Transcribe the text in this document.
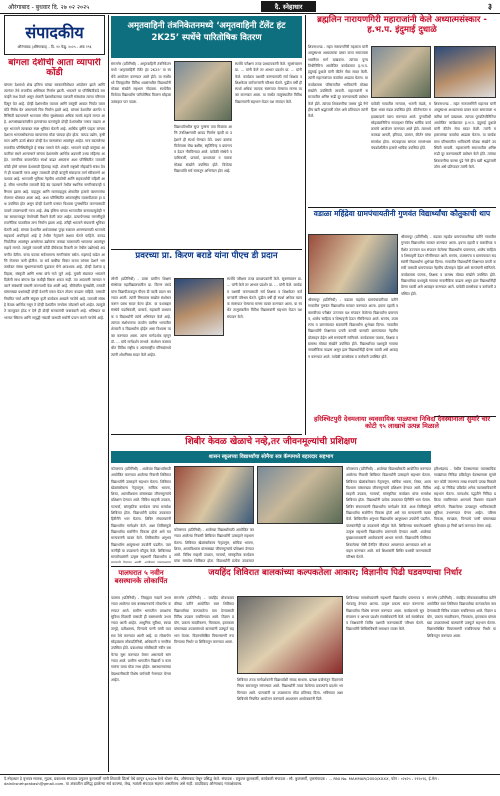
औरंगाबाद - बुधवार दि. २७ ०२ २०२५	दै. स्नेहाधार	३
संपादकीय
औरंगाबाद (औरंगाबाद) - दि. १२ फेब्रु. २०२५ - अंक १९६
बांगला देशीची आता व्यापारी कोंडी
बांगला देशमध्ये शेख हसिना यांच्या सरकारविरोधात आंदोलन झाले आणि त्यानंतर तेथे राजकीय अस्थिरता निर्माण झाली. भारताने या परिस्थितीकडे बारकाईने लक्ष ठेवले असून शेजारी देशासोबतच्या व्यापारी संबंधांवर त्याचा परिणाम दिसून येत आहे. दोन्ही देशांमधील व्यापार आणि वस्तूंची आयात निर्यात यावर मोठे निर्बंध येत असल्याचे चित्र निर्माण झाले आहे. बांगला देशातील अंतर्गत परिस्थिती बदलल्याने भारताला सीमा सुरक्षेबाबत अधिक सतर्क राहावे लागत आहे. अल्पसंख्याकांवरील हल्ल्यांच्या घटनांमुळे दोन्ही देशांमधील तणाव वाढला असून भारताने त्याबाबत स्पष्ट भूमिका घेतली आहे. आर्थिक दृष्टीने पाहता बांगला देशाला भारतासोबतच्या व्यापाराचा मोठा फायदा होत होता. कापड उद्योग, कृषी माल आणि ऊर्जा क्षेत्रात दोन्ही देश परस्परांवर अवलंबून आहेत. मात्र बदललेल्या राजकीय परिस्थितीमुळे हे संबंध ताणले गेले आहेत. भारताने काही वस्तूंच्या आयातीवर बंधने आणल्याने बांगला देशासमोर आर्थिक अडचणी उभ्या राहिल्या आहेत. जागतिक बाजारपेठेत स्पर्धा वाढत असताना अशा परिस्थितीत व्यापारी कोंडी होणे बांगला देशासाठी हितावह नाही. शेजारी राष्ट्रांशी सौहार्दाचे संबंध ठेवणे ही काळाची गरज असून त्यासाठी दोन्ही बाजूंनी संवादाचा मार्ग स्वीकारणे आवश्यक आहे. भारताची भूमिका नेहमीच शांततेची आणि सहकार्याची राहिली आहे. सीमा भागातील व्यापारी केंद्रे बंद पडल्याने तेथील स्थानिक नागरिकांवरही परिणाम झाला आहे. वाहतूक आणि मालवाहतूक क्षेत्रातील हजारो कामगारांचा रोजगार धोक्यात आला आहे. अशा परिस्थितीत आंतरराष्ट्रीय व्यासपीठावर हा प्रश्न उपस्थित होत असून दोन्ही देशांनी परस्पर विश्वास पुनर्स्थापित करण्यासाठी पावले उचलण्याची गरज आहे. शेख हसिना यांच्या भारतातील वास्तव्यामुळेही नव्या सरकारकडून वेगवेगळी विधाने केली जात आहेत. प्रत्यार्पणाच्या मागणीमुळे राजनैतिक पातळीवर ताण निर्माण झाला आहे. तरीही भारताने संयमाची भूमिका घेतली आहे. बांगला देशातील अर्थव्यवस्था पुन्हा रुळावर आणण्यासाठी भारताचे सहकार्य अपरिहार्य आहे हे तेथील नेतृत्वाने लक्षात घेतले पाहिजे. कापड निर्यातीवर अवलंबून असलेल्या उद्योगांना कच्च्या मालासाठी भारतावर अवलंबून राहावे लागते. त्यामुळे व्यापारी कोंडी दीर्घकाळ टिकली तर तेथील उद्योगधंदे अडचणीत येतील. याचा फटका सर्वसामान्य नागरिकांना बसेल. महागाई वाढेल आणि रोजगार कमी होतील. या सर्व बाबींचा विचार करता बांगला देशाने भारतासोबत संबंध सुधारण्यासाठी पुढाकार घेणे आवश्यक आहे. दोन्ही देशांचा इतिहास, संस्कृती आणि भाषा यांचे नाते जुने आहे. मुक्ती संग्रामात भारताने दिलेली साथ बांगला देश कधीही विसरू शकत नाही. त्या आठवणी जागवत नव्याने संबंधांची बांधणी करण्याची वेळ आली आहे. सीमेवरील घुसखोरी, तस्करी यांसारख्या प्रश्नांवरही दोन्ही देशांनी एकत्र येऊन तोडगा काढला पाहिजे. यासाठी नियमित चर्चा आणि संयुक्त कृती कार्यक्रम आखणे गरजेचे आहे. व्यापारी संबंध हे केवळ आर्थिक नसून ते दोन्ही देशांतील जनतेला जोडणारे धागे आहेत. त्यामुळे ते कमकुवत होऊ न देणे ही दोन्ही सरकारांची जबाबदारी आहे. भविष्यात या भागात स्थिरता आणि समृद्धी नांदावी यासाठी सर्वांनी प्रयत्न करणे गरजेचे आहे.
अमृतवाहिनी तंत्रनिकेतनमध्ये ‘अमृतवाहिनी टॅलेंट हंट 2K25’ स्पर्धेचे पारितोषिक वितरण
संगमनेर (प्रतिनिधी) - अमृतवाहिनी तंत्रनिकेतन मध्ये ‘अमृतवाहिनी टॅलेंट हंट 2K25’ या स्पर्धेचे आयोजन करण्यात आले होते. या स्पर्धेमध्ये जिल्ह्यातील विविध शाळांमधील विद्यार्थ्यांनी मोठ्या संख्येने सहभाग नोंदवला. स्पर्धेतील विजेत्या विद्यार्थ्यांना पारितोषिक वितरण सोहळा उत्साहात पार पडला.
विद्यार्थ्यांमधील सुप्त गुणांना वाव मिळावा आणि तंत्रशिक्षणाची आवड निर्माण व्हावी या उद्देशाने ही स्पर्धा घेण्यात येते. प्रथम क्रमांक विजेत्यास रोख बक्षीस, स्मृतिचिन्ह व प्रमाणपत्र देऊन गौरविण्यात आले. यावेळी संस्थेचे पदाधिकारी, प्राचार्य, प्राध्यापक व पालक मोठ्या संख्येने उपस्थित होते. विजेत्या विद्यार्थ्यांचे सर्व स्तरातून अभिनंदन होत आहे.
स्पर्धेचे परीक्षण तज्ज्ञ प्राध्यापकांनी केले. सूत्रसंचालन प्रा. ... यांनी केले तर आभार प्रदर्शन प्रा. ... यांनी केले. कार्यक्रम यशस्वी करण्यासाठी सर्व शिक्षक व शिक्षकेतर कर्मचाऱ्यांनी परिश्रम घेतले. पुढील वर्षी ही स्पर्धा अधिक व्यापक स्वरूपात घेण्याचा मानस व्यक्त करण्यात आला. या स्पर्धेत तालुक्यातील विविध विद्यालयांनी सहभाग घेऊन यश संपादन केले.
प्रवरच्या प्रा. किरण बराडे यांना पीएच डी प्रदान
लोणी (प्रतिनिधी) - प्रवरा ग्रामीण शिक्षण संस्थेच्या महाविद्यालयातील प्रा. किरण बराडे यांना विद्यापीठाकडून पीएच डी पदवी प्रदान करण्यात आली. त्यांनी विषयावर सखोल संशोधन करून प्रबंध सादर केला होता. या यशाबद्दल संस्थेचे पदाधिकारी, प्राचार्य, सहकारी प्राध्यापक व विद्यार्थ्यांनी त्यांचे अभिनंदन केले आहे. त्यांच्या संशोधनाचा उपयोग ग्रामीण भागातील शेतकरी व विद्यार्थ्यांना होईल असा विश्वास व्यक्त करण्यात आला. त्यांना मार्गदर्शक म्हणून डॉ. ... यांचे मार्गदर्शन लाभले. संशोधन कालावधीत विविध राष्ट्रीय व आंतरराष्ट्रीय परिषदांमध्ये त्यांनी शोधनिबंध सादर केले आहेत.
स्पर्धेचे परीक्षण तज्ज्ञ प्राध्यापकांनी केले. सूत्रसंचालन प्रा. ... यांनी केले तर आभार प्रदर्शन प्रा. ... यांनी केले. कार्यक्रम यशस्वी करण्यासाठी सर्व शिक्षक व शिक्षकेतर कर्मचाऱ्यांनी परिश्रम घेतले. पुढील वर्षी ही स्पर्धा अधिक व्यापक स्वरूपात घेण्याचा मानस व्यक्त करण्यात आला. या स्पर्धेत तालुक्यातील विविध विद्यालयांनी सहभाग घेऊन यश संपादन केले.
शिबीर केवळ खेळाचे नव्हे,तर जीवनमूल्यांची प्रशिक्षण
शासन स्कूलच्या विद्यार्थ्यांचा सोमैया सत्र कॅम्पमध्ये बहारदार सहभाग
कोपरगाव (प्रतिनिधी) - शाळेच्या विद्यार्थ्यांसाठी आयोजित करण्यात आलेल्या निवासी शिबिरात विद्यार्थ्यांनी उत्साहाने सहभाग घेतला. शिबिरात खेळांबरोबरच नेतृत्वगुण, सांघिक भावना, शिस्त, आत्मविश्वास यांसारख्या जीवनमूल्यांचे प्रशिक्षण देण्यात आले. विविध साहसी उपक्रम, गटचर्चा, सांस्कृतिक कार्यक्रम यांचा समावेश शिबिरात होता. विद्यार्थ्यांनी प्रत्येक उपक्रमात हिरीरीने भाग घेतला. शिबिर संचालकांनी विद्यार्थ्यांना मार्गदर्शन केले. अशा शिबिरांमुळे विद्यार्थ्यांचा सर्वांगीण विकास होतो असे मत मान्यवरांनी व्यक्त केले. शिबिरातील अनुभव विद्यार्थ्यांना आयुष्यभर उपयोगी पडतील. पालकांनीही या उपक्रमाचे कौतुक केले. शिबिराच्या समारोपप्रसंगी उत्कृष्ट सहभागी विद्यार्थ्यांना प्र
कोपरगाव (प्रतिनिधी) - शाळेच्या विद्यार्थ्यांसाठी आयोजित करण्यात आलेल्या निवासी शिबिरात विद्यार्थ्यांनी उत्साहाने सहभाग घेतला. शिबिरात खेळांबरोबरच नेतृत्वगुण, सांघिक भावना, शिस्त, आत्मविश्वास यांसारख्या जीवनमूल्यांचे प्रशिक्षण देण्यात आले. विविध साहसी उपक्रम, गटचर्चा, सांस्कृतिक कार्यक्रम यांचा समावेश शिबिरात होता. विद्यार्थ्यांनी प्रत्येक उपक्रमात
कोपरगाव (प्रतिनिधी) - शाळेच्या विद्यार्थ्यांसाठी आयोजित करण्यात आलेल्या निवासी शिबिरात विद्यार्थ्यांनी उत्साहाने सहभाग घेतला. शिबिरात खेळांबरोबरच नेतृत्वगुण, सांघिक भावना, शिस्त, आत्मविश्वास यांसारख्या जीवनमूल्यांचे प्रशिक्षण देण्यात आले. विविध साहसी उपक्रम, गटचर्चा, सांस्कृतिक कार्यक्रम यांचा समावेश शिबिरात होता. विद्यार्थ्यांनी प्रत्येक उपक्रमात हिरीरीने भाग घेतला. शिबिर संचालकांनी विद्यार्थ्यांना मार्गदर्शन केले. अशा शिबिरांमुळे विद्यार्थ्यांचा सर्वांगीण विकास होतो असे मत मान्यवरांनी व्यक्त केले. शिबिरातील अनुभव विद्यार्थ्यांना आयुष्यभर उपयोगी पडतील. पालकांनीही या उपक्रमाचे कौतुक केले. शिबिराच्या समारोपप्रसंगी उत्कृष्ट सहभागी विद्यार्थ्यांना प्रमाणपत्रे देण्यात आली. शाळेच्या मुख्याध्यापकांनी आयोजकांचे आभार मानले. विद्यार्थ्यांनी शिबिरात शिकलेल्या गोष्टी दैनंदिन जीवनात आचरणात आणाव्यात असे आवाहन करण्यात आले. सर्व शिक्षकांनी शिबिर यशस्वी करण्यासाठी परिश्रम घेतले.
पालघरात ५ नवीन बसस्थानके लोकार्पित
पालघर (प्रतिनिधी) - जिल्ह्यात नव्याने उभारण्यात आलेल्या पाच बसस्थानकांचे लोकार्पण करण्यात आले. ग्रामीण भागातील प्रवाशांना सुविधा मिळावी यासाठी ही बसस्थानके उभारण्यात आली आहेत. आधुनिक सुविधा, स्वच्छतागृहे, प्रतीक्षालय, पिण्याचे पाणी यांची व्यवस्था येथे करण्यात आली आहे. या लोकार्पण सोहळ्यास लोकप्रतिनिधी, अधिकारी व नागरिक उपस्थित होते. प्रवाशांच्या सोयीसाठी नवीन बसफेऱ्या सुरू करण्यात येणार असल्याचे सांगण्यात आले. ग्रामीण भागातील विद्यार्थी व कामगारांना याचा मोठा लाभ होईल. बसस्थानकांच्या देखभालीसाठी विशेष कर्मचारी नेमण्यात येणार आहेत.
जयहिंद शिविरात बालकांच्या कल्पकतेला आकार; विज्ञानीय पिढी घडवण्याचा निर्धार
संगमनेर (प्रतिनिधी) - जयहिंद लोकचळवळीच्या वतीने आयोजित बाल शिबिरात विद्यार्थ्यांच्या कल्पकतेला वाव देण्यासाठी विविध उपक्रम राबविण्यात आले. विज्ञान प्रयोग, प्रकल्प सादरीकरण, चित्रकला, हस्तकला यांसारख्या उपक्रमांमध्ये बालकांनी उत्स्फूर्त सहभाग घेतला. विज्ञानाधिष्ठित विचारसरणी रुजविण्याचा निर्धार या शिबिरातून करण्यात आला.
शिबिरात तज्ज्ञ मार्गदर्शकांनी विद्यार्थ्यांशी संवाद साधला. प्रत्यक्ष प्रयोगांतून विज्ञानाचे नियम समजावून सांगण्यात आले. विद्यार्थ्यांनी तयार केलेल्या प्रकल्पांचे प्रदर्शन भरविण्यात आले. पालकांनी या उपक्रमाला मोठा प्रतिसाद दिला. भविष्यात अशा शिबिरांचे नियमित आयोजन करण्याचे आश्वासन आयोजकांनी दिले.
शिबिराच्या समारोपप्रसंगी सहभागी विद्यार्थ्यांना प्रमाणपत्र व भेटवस्तू देण्यात आल्या. उत्कृष्ट प्रकल्प सादर करणाऱ्या विद्यार्थ्यांचा विशेष सन्मान करण्यात आला. कार्यक्रमाचे सूत्रसंचालन व आभार प्रदर्शन स्वयंसेवकांनी केले. सर्व स्वयंसेवक व शिक्षकांनी शिबिर यशस्वी करण्यासाठी परिश्रम घेतले. विद्यार्थ्यांनी शिबिराविषयी समाधान व्यक्त केले.
संगमनेर (प्रतिनिधी) - जयहिंद लोकचळवळीच्या वतीने आयोजित बाल शिबिरात विद्यार्थ्यांच्या कल्पकतेला वाव देण्यासाठी विविध उपक्रम राबविण्यात आले. विज्ञान प्रयोग, प्रकल्प सादरीकरण, चित्रकला, हस्तकला यांसारख्या उपक्रमांमध्ये बालकांनी उत्स्फूर्त सहभाग घेतला. विज्ञानाधिष्ठित विचारसरणी रुजविण्याचा निर्धार या शिबिरातून करण्यात आला.
ब्रह्मलिन नारायणगिरी महाराजांनी केले अध्यात्मसंस्कार - ह.भ.प. इंदुमाई दुधाळे
शिवनाथगड - महंत नारायणगिरी महाराज यांनी आयुष्यभर अध्यात्माचा प्रसार करत समाजाला भक्तीचा मार्ग दाखवला. त्यांच्या पुण्यतिथीनिमित्त आयोजित कार्यक्रमात ह.भ.प. इंदुमाई दुधाळे यांनी कीर्तन सेवा सादर केली. त्यांनी महाराजांच्या कार्याचा आढावा घेतला. या कार्यक्रमास परिसरातील भाविकांनी मोठ्या संख्येने उपस्थिती लावली. महाराजांनी समाजातील अनिष्ट रूढी दूर करण्यासाठी प्रबोधन केले होते. त्यांच्या शिकवणीचा वारसा पुढे नेणे हीच खरी श्रद्धांजली ठरेल असे प्रतिपादन त्यांनी केले.
यावेळी गावातील मान्यवर, भजनी मंडळे, महिला भक्त मंडळ उपस्थित होते. कीर्तनानंतर महाप्रसादाचे वाटप करण्यात आले. पुण्यतिथी सोहळ्यानिमित्त सप्ताहभर विविध धार्मिक कार्यक्रमांचे आयोजन करण्यात आले होते. त्यामध्ये काकडा आरती, हरिपाठ, प्रवचन, कीर्तन यांचा समावेश होता. सप्ताहाच्या सांगता समारंभास पंचक्रोशीतील हजारो भाविक उपस्थित होते.
शिवनाथगड - महंत नारायणगिरी महाराज यांनी आयुष्यभर अध्यात्माचा प्रसार करत समाजाला भक्तीचा मार्ग दाखवला. त्यांच्या पुण्यतिथीनिमित्त आयोजित कार्यक्रमात ह.भ.प. इंदुमाई दुधाळे यांनी कीर्तन सेवा सादर केली. त्यांनी महाराजांच्या कार्याचा आढावा घेतला. या कार्यक्रमास परिसरातील भाविकांनी मोठ्या संख्येने उपस्थिती लावली. महाराजांनी समाजातील अनिष्ट रूढी दूर करण्यासाठी प्रबोधन केले होते. त्यांच्या शिकवणीचा वारसा पुढे नेणे हीच खरी श्रद्धांजली ठरेल असे प्रतिपादन त्यांनी केले.
वडाळा महिंद्रेवा ग्रामपंचायतीनी गुणवंत विद्यार्थ्यांचा कौतुकाची थाप
श्रीरामपूर (प्रतिनिधी) - वडाळा महादेव ग्रामपंचायतीच्या वतीने गावातील गुणवंत विद्यार्थ्यांचा सत्कार करण्यात आला. इयत्ता दहावी व बारावीच्या परीक्षेत उज्ज्वल यश संपादन केलेल्या विद्यार्थ्यांना प्रमाणपत्र, शालेय साहित्य व शिष्यवृत्ती देऊन गौरविण्यात आले. सरपंच, उपसरपंच व ग्रामपंचायत सदस्यांनी विद्यार्थ्यांना शुभेच्छा दिल्या. गावातील विद्यार्थ्यांनी शिक्षणात प्रगती करावी यासाठी ग्रामपंचायत नेहमीच प्रोत्साहन देईल असे सरपंचांनी सांगितले. कार्यक्रमास पालक, शिक्षक व ग्रामस्थ मोठ्या संख्येने उपस्थित होते. विद्यार्थ्यांच्या यशामुळे गावाचा नावलौकिक वाढला असून इतर विद्यार्थ्यांनीही प्रेरणा घ्यावी असे आवाहन करण्यात आले. यावेळी ग्रामसेवक व कर्मचारी उपस्थित होते.
श्रीरामपूर (प्रतिनिधी) - वडाळा महादेव ग्रामपंचायतीच्या वतीने गावातील गुणवंत विद्यार्थ्यांचा सत्कार करण्यात आला. इयत्ता दहावी व बारावीच्या परीक्षेत उज्ज्वल यश संपादन केलेल्या विद्यार्थ्यांना प्रमाणपत्र, शालेय साहित्य व शिष्यवृत्ती देऊन गौरविण्यात आले. सरपंच, उपसरपंच व ग्रामपंचायत सदस्यांनी विद्यार्थ्यांना शुभेच्छा दिल्या. गावातील विद्यार्थ्यांनी शिक्षणात प्रगती करावी यासाठी ग्रामपंचायत नेहमीच प्रोत्साहन देईल असे सरपंचांनी सांगितले. कार्यक्रमास पालक, शिक्षक व ग्रामस्थ मोठ्या संख्येने उपस्थित होते. विद्यार्थ्यांच्या यशामुळे गावाचा नावलौकिक वाढला असून इतर विद्यार्थ्यांनीही प्रेरणा घ्यावी असे आवाहन करण्यात आले. यावेळी ग्रामसेवक व कर्मचारी उपस्थित होते.
हरिश्चिटपुरी देवमलाया व्यवसायिक पाळ्याचा निविदा देवस्थानाला सुमारे चार कोटी ९५ लाखाचे उत्पन्न मिळाले
हरिश्चंद्रगड - येथील देवस्थानच्या व्यावसायिक गाळ्यांच्या निविदा प्रक्रियेतून देवस्थानाला सुमारे चार कोटी पंचाण्णव लाख रुपयांचे उत्पन्न मिळाले आहे. या निविदा प्रक्रियेत अनेक व्यावसायिकांनी सहभाग घेतला. पारदर्शक पद्धतीने निविदा प्रक्रिया राबविण्यात आल्याचे विश्वस्त मंडळाने सांगितले. मिळालेल्या उत्पन्नातून भाविकांसाठी सुविधा उभारण्यात येणार आहेत. परिसर विकास, स्वच्छता, पिण्याचे पाणी यांसारख्या सुविधांवर हा निधी खर्च करण्यात येणार आहे.
दै.स्नेहाधार हे वृत्तपत्र मालक, मुद्रक, प्रकाशक संपादक प्रफुल्ल कुलकर्णी यांनी शिवाजी प्रिंटर्स येथे छापून ६/४३२७ रेल्वे स्टेशन रोड, औरंगाबाद येथून प्रसिद्ध केले. संपादक : प्रफुल्ल कुलकर्णी, कार्यकारी संपादक : सौ. कुलकर्णी, वृत्तसंपादक : ... RNI No. MAHMAR/2000/XXXX, फोन : ०२४२५ - २९२०२६, ई-मेल : dainiksnehprakash@gmail.com. या अंकातील प्रसिद्ध झालेल्या सर्व बातम्या, लेख, मतांशी संपादक सहमत असतीलच असे नाही. वादविवाद औरंगाबाद न्यायक्षेत्रातच.
